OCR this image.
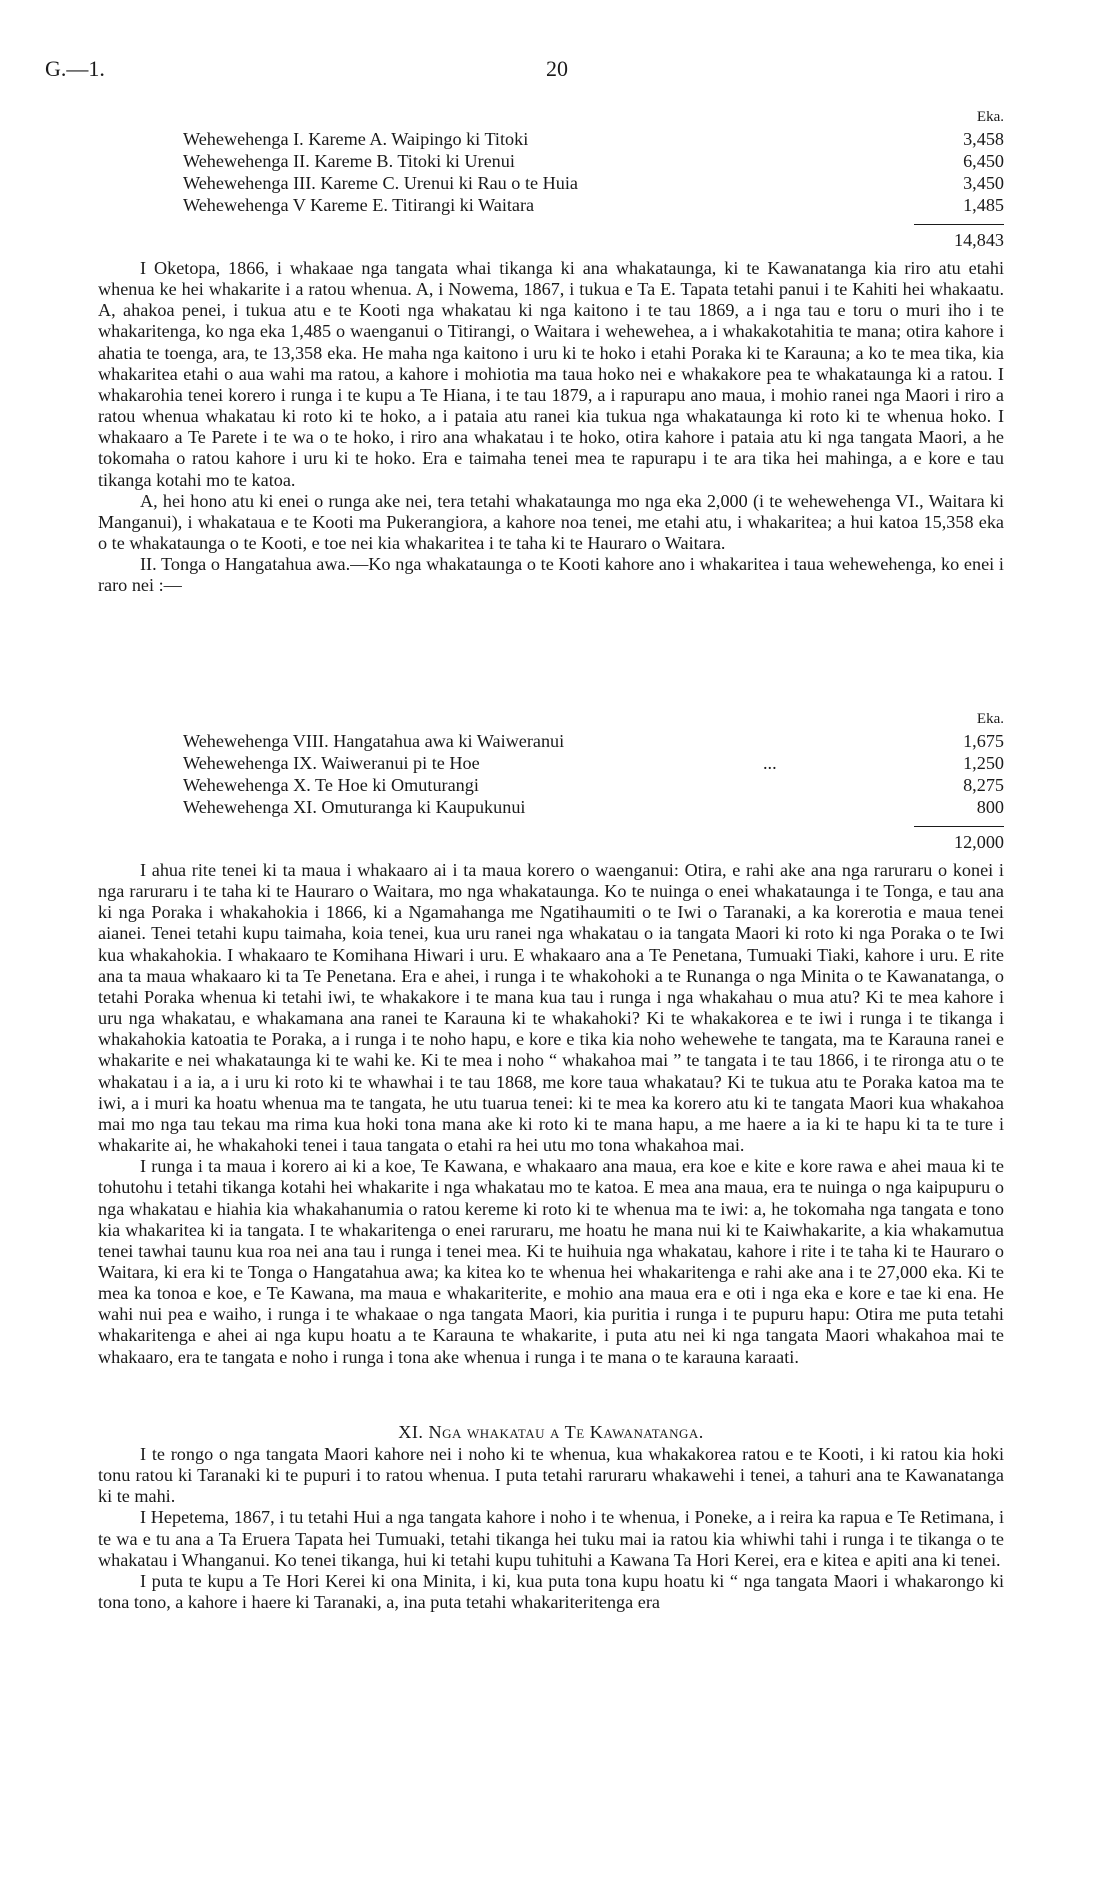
G.—1.	20
Eka.
Wehewehenga I. Kareme A. Waipingo ki Titoki	3,458
Wehewehenga II. Kareme B. Titoki ki Urenui	6,450
Wehewehenga III. Kareme C. Urenui ki Rau o te Huia	3,450
Wehewehenga V Kareme E. Titirangi ki Waitara	1,485
14,843

I Oketopa, 1866, i whakaae nga tangata whai tikanga ki ana whakataunga, ki te Kawanatanga kia riro atu etahi whenua ke hei whakarite i a ratou whenua. A, i Nowema, 1867, i tukua e Ta E. Tapata tetahi panui i te Kahiti hei whakaatu. A, ahakoa penei, i tukua atu e te Kooti nga whakatau ki nga kaitono i te tau 1869, a i nga tau e toru o muri iho i te whakaritenga, ko nga eka 1,485 o waenganui o Titirangi, o Waitara i wehewehea, a i whakakotahitia te mana; otira kahore i ahatia te toenga, ara, te 13,358 eka. He maha nga kaitono i uru ki te hoko i etahi Poraka ki te Karauna; a ko te mea tika, kia whakaritea etahi o aua wahi ma ratou, a kahore i mohiotia ma taua hoko nei e whakakore pea te whakataunga ki a ratou. I whakarohia tenei korero i runga i te kupu a Te Hiana, i te tau 1879, a i rapurapu ano maua, i mohio ranei nga Maori i riro a ratou whenua whakatau ki roto ki te hoko, a i pataia atu ranei kia tukua nga whakataunga ki roto ki te whenua hoko. I whakaaro a Te Parete i te wa o te hoko, i riro ana whakatau i te hoko, otira kahore i pataia atu ki nga tangata Maori, a he tokomaha o ratou kahore i uru ki te hoko. Era e taimaha tenei mea te rapurapu i te ara tika hei mahinga, a e kore e tau tikanga kotahi mo te katoa.

A, hei hono atu ki enei o runga ake nei, tera tetahi whakataunga mo nga eka 2,000 (i te wehewehenga VI., Waitara ki Manganui), i whakataua e te Kooti ma Pukerangiora, a kahore noa tenei, me etahi atu, i whakaritea; a hui katoa 15,358 eka o te whakataunga o te Kooti, e toe nei kia whakaritea i te taha ki te Hauraro o Waitara.

II. Tonga o Hangatahua awa.—Ko nga whakataunga o te Kooti kahore ano i whakaritea i taua wehewehenga, ko enei i raro nei :—

Eka.
Wehewehenga VIII. Hangatahua awa ki Waiweranui	1,675
Wehewehenga IX. Waiweranui pi te Hoe	...	1,250
Wehewehenga X. Te Hoe ki Omuturangi	8,275
Wehewehenga XI. Omuturanga ki Kaupukunui	800
12,000

I ahua rite tenei ki ta maua i whakaaro ai i ta maua korero o waenganui: Otira, e rahi ake ana nga raruraru o konei i nga raruraru i te taha ki te Hauraro o Waitara, mo nga whakataunga. Ko te nuinga o enei whakataunga i te Tonga, e tau ana ki nga Poraka i whakahokia i 1866, ki a Ngamahanga me Ngatihaumiti o te Iwi o Taranaki, a ka korerotia e maua tenei aianei. Tenei tetahi kupu taimaha, koia tenei, kua uru ranei nga whakatau o ia tangata Maori ki roto ki nga Poraka o te Iwi kua whakahokia. I whakaaro te Komihana Hiwari i uru. E whakaaro ana a Te Penetana, Tumuaki Tiaki, kahore i uru. E rite ana ta maua whakaaro ki ta Te Penetana. Era e ahei, i runga i te whakohoki a te Runanga o nga Minita o te Kawanatanga, o tetahi Poraka whenua ki tetahi iwi, te whakakore i te mana kua tau i runga i nga whakahau o mua atu? Ki te mea kahore i uru nga whakatau, e whakamana ana ranei te Karauna ki te whakahoki? Ki te whakakorea e te iwi i runga i te tikanga i whakahokia katoatia te Poraka, a i runga i te noho hapu, e kore e tika kia noho wehewehe te tangata, ma te Karauna ranei e whakarite e nei whakataunga ki te wahi ke. Ki te mea i noho “ whakahoa mai ” te tangata i te tau 1866, i te rironga atu o te whakatau i a ia, a i uru ki roto ki te whawhai i te tau 1868, me kore taua whakatau? Ki te tukua atu te Poraka katoa ma te iwi, a i muri ka hoatu whenua ma te tangata, he utu tuarua tenei: ki te mea ka korero atu ki te tangata Maori kua whakahoa mai mo nga tau tekau ma rima kua hoki tona mana ake ki roto ki te mana hapu, a me haere a ia ki te hapu ki ta te ture i whakarite ai, he whakahoki tenei i taua tangata o etahi ra hei utu mo tona whakahoa mai.

I runga i ta maua i korero ai ki a koe, Te Kawana, e whakaaro ana maua, era koe e kite e kore rawa e ahei maua ki te tohutohu i tetahi tikanga kotahi hei whakarite i nga whakatau mo te katoa. E mea ana maua, era te nuinga o nga kaipupuru o nga whakatau e hiahia kia whakahanumia o ratou kereme ki roto ki te whenua ma te iwi: a, he tokomaha nga tangata e tono kia whakaritea ki ia tangata. I te whakaritenga o enei raruraru, me hoatu he mana nui ki te Kaiwhakarite, a kia whakamutua tenei tawhai taunu kua roa nei ana tau i runga i tenei mea. Ki te huihuia nga whakatau, kahore i rite i te taha ki te Hauraro o Waitara, ki era ki te Tonga o Hangatahua awa; ka kitea ko te whenua hei whakaritenga e rahi ake ana i te 27,000 eka. Ki te mea ka tonoa e koe, e Te Kawana, ma maua e whakariterite, e mohio ana maua era e oti i nga eka e kore e tae ki ena. He wahi nui pea e waiho, i runga i te whakaae o nga tangata Maori, kia puritia i runga i te pupuru hapu: Otira me puta tetahi whakaritenga e ahei ai nga kupu hoatu a te Karauna te whakarite, i puta atu nei ki nga tangata Maori whakahoa mai te whakaaro, era te tangata e noho i runga i tona ake whenua i runga i te mana o te karauna karaati.

XI. Nga whakatau a Te Kawanatanga.

I te rongo o nga tangata Maori kahore nei i noho ki te whenua, kua whakakorea ratou e te Kooti, i ki ratou kia hoki tonu ratou ki Taranaki ki te pupuri i to ratou whenua. I puta tetahi raruraru whakawehi i tenei, a tahuri ana te Kawanatanga ki te mahi.

I Hepetema, 1867, i tu tetahi Hui a nga tangata kahore i noho i te whenua, i Poneke, a i reira ka rapua e Te Retimana, i te wa e tu ana a Ta Eruera Tapata hei Tumuaki, tetahi tikanga hei tuku mai ia ratou kia whiwhi tahi i runga i te tikanga o te whakatau i Whanganui. Ko tenei tikanga, hui ki tetahi kupu tuhituhi a Kawana Ta Hori Kerei, era e kitea e apiti ana ki tenei.

I puta te kupu a Te Hori Kerei ki ona Minita, i ki, kua puta tona kupu hoatu ki “ nga tangata Maori i whakarongo ki tona tono, a kahore i haere ki Taranaki, a, ina puta tetahi whakariteritenga era
